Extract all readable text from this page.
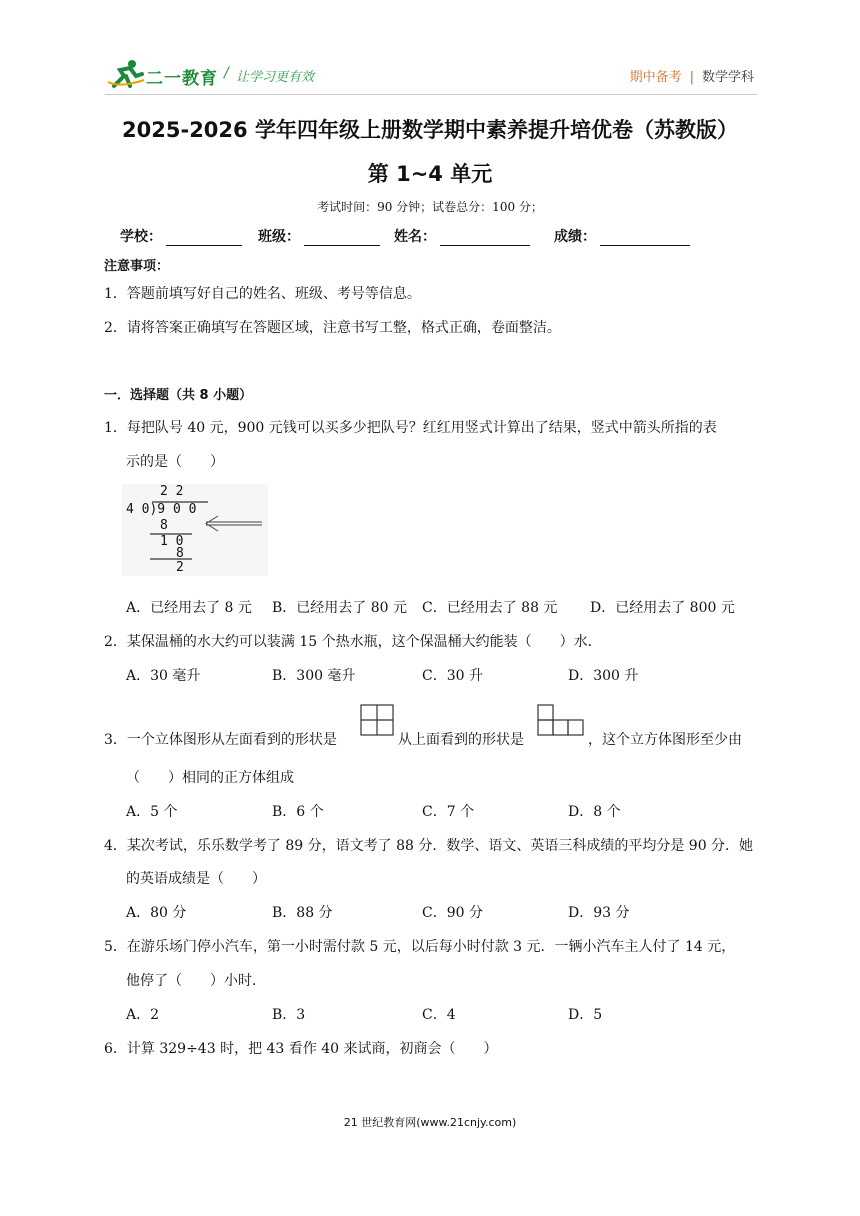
二一教育 / 让学习更有效	期中备考 | 数学学科
2025-2026 学年四年级上册数学期中素养提升培优卷（苏教版）
第 1~4 单元
考试时间：90 分钟；试卷总分：100 分；
学校：	班级：	姓名：	成绩：
注意事项：
1．答题前填写好自己的姓名、班级、考号等信息。
2．请将答案正确填写在答题区域，注意书写工整，格式正确，卷面整洁。
一．选择题（共 8 小题）
1．每把队号 40 元，900 元钱可以买多少把队号？红红用竖式计算出了结果，竖式中箭头所指的表
示的是（　　）
2 2
4 0)9 0 0
8
1 0
8
2
A．已经用去了 8 元 B．已经用去了 80 元 C．已经用去了 88 元 D．已经用去了 800 元
2．某保温桶的水大约可以装满 15 个热水瓶，这个保温桶大约能装（　　）水．
A．30 毫升	B．300 毫升	C．30 升	D．300 升
3．一个立体图形从左面看到的形状是	从上面看到的形状是	，这个立方体图形至少由
（　　）相同的正方体组成
A．5 个	B．6 个	C．7 个	D．8 个
4．某次考试，乐乐数学考了 89 分，语文考了 88 分．数学、语文、英语三科成绩的平均分是 90 分．她
的英语成绩是（　　）
A．80 分	B．88 分	C．90 分	D．93 分
5．在游乐场门停小汽车，第一小时需付款 5 元，以后每小时付款 3 元．一辆小汽车主人付了 14 元，
他停了（　　）小时．
A．2	B．3	C．4	D．5
6．计算 329÷43 时，把 43 看作 40 来试商，初商会（　　）
21 世纪教育网(www.21cnjy.com)
